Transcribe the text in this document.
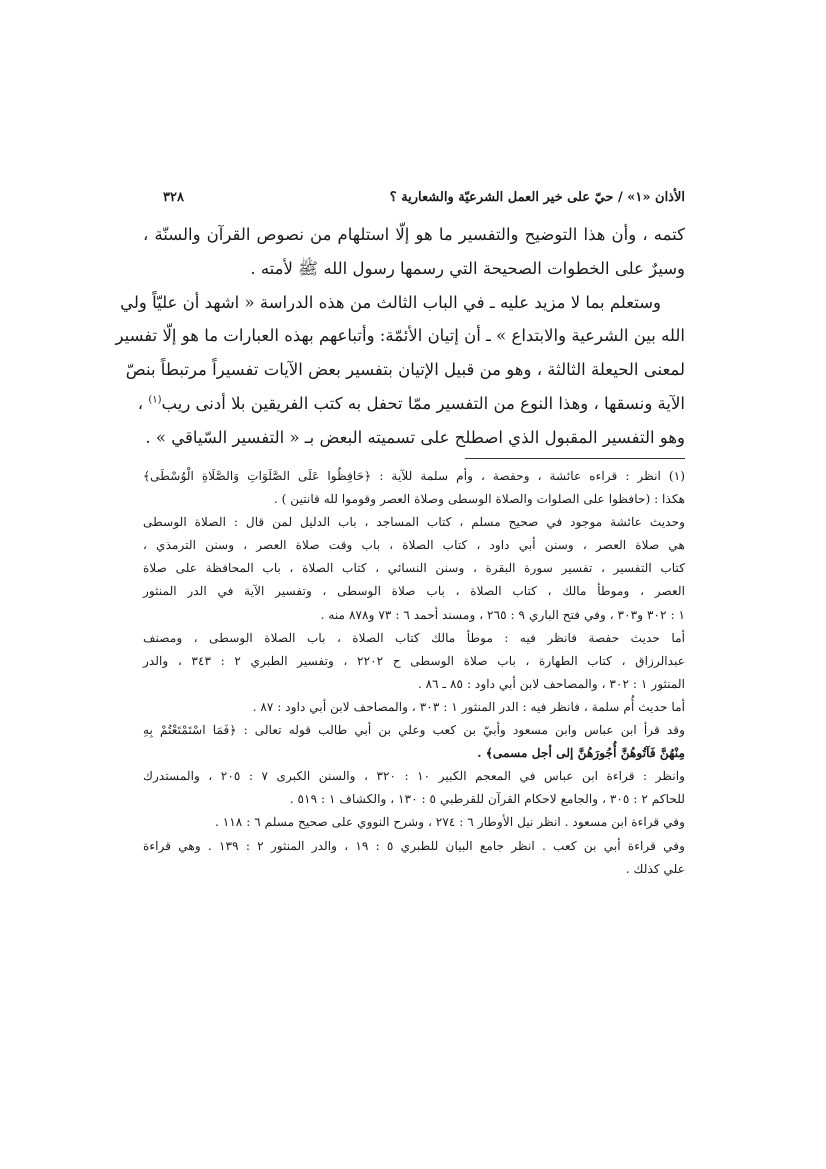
الأذان «١» / حيّ على خير العمل الشرعيّة والشعارية ؟
٣٢٨
كتمه ، وأن هذا التوضيح والتفسير ما هو إلّا استلهام من نصوص القرآن والسنّة ،
وسيرٌ على الخطوات الصحيحة التي رسمها رسول الله ﷺ لأمته .
وستعلم بما لا مزيد عليه ـ في الباب الثالث من هذه الدراسة « اشهد أن عليّاً ولي
الله بين الشرعية والابتداع » ـ أن إتيان الأئمّة: وأتباعهم بهذه العبارات ما هو إلّا تفسير
لمعنى الحيعلة الثالثة ، وهو من قبيل الإتيان بتفسير بعض الآيات تفسيراً مرتبطاً بنصّ
الآية ونسقها ، وهذا النوع من التفسير ممّا تحفل به كتب الفريقين بلا أدنى ريب$^{(١)}$ ،
وهو التفسير المقبول الذي اصطلح على تسميته البعض بـ « التفسير السّياقي » .
(١) انظر : قراءه عائشة ، وحفصة ، وأم سلمة للآية : ﴿حَافِظُوا عَلَى الصَّلَوَاتِ وَالصَّلَاةِ الْوُسْطَى﴾
هكذا : (حافظوا على الصلوات والصلاة الوسطى وصلاة العصر وقوموا لله قانتين ) .
وحديث عائشة موجود في صحيح مسلم ، كتاب المساجد ، باب الدليل لمن قال : الصلاة الوسطى
هي صلاة العصر ، وسنن أبي داود ، كتاب الصلاة ، باب وقت صلاة العصر ، وسنن الترمذي ،
كتاب التفسير ، تفسير سورة البقرة ، وسنن النسائي ، كتاب الصلاة ، باب المحافظة على صلاة
العصر ، وموطأ مالك ، كتاب الصلاة ، باب صلاة الوسطى ، وتفسير الآية في الدر المنثور
١ : ٣٠٢ و٣٠٣ ، وفي فتح الباري ٩ : ٢٦٥ ، ومسند أحمد ٦ : ٧٣ و٨٧٨ منه .
أما حديث حفصة فانظر فيه : موطأ مالك كتاب الصلاة ، باب الصلاة الوسطى ، ومصنف
عبدالرزاق ، كتاب الطهارة ، باب صلاة الوسطى ح ٢٢٠٢ ، وتفسير الطبري ٢ : ٣٤٣ ، والدر
المنثور ١ : ٣٠٢ ، والمصاحف لابن أبي داود : ٨٥ ـ ٨٦ .
أما حديث أُم سلمة ، فانظر فيه : الدر المنثور ١ : ٣٠٣ ، والمصاحف لابن أبي داود : ٨٧ .
وقد قرأ ابن عباس وابن مسعود وأبيّ بن كعب وعلي بن أبي طالب قوله تعالى : ﴿فَمَا اسْتَمْتَعْتُمْ بِهِ
مِنْهُنَّ فَآتُوهُنَّ أُجُورَهُنَّ إلى أجل مسمى﴾ .
وانظر : قراءة ابن عباس في المعجم الكبير ١٠ : ٣٢٠ ، والسنن الكبرى ٧ : ٢٠٥ ، والمستدرك
للحاكم ٢ : ٣٠٥ ، والجامع لاحكام القرآن للقرطبي ٥ : ١٣٠ ، والكشاف ١ : ٥١٩ .
وفي قراءة ابن مسعود . انظر نيل الأوطار ٦ : ٢٧٤ ، وشرح النووي على صحيح مسلم ٦ : ١١٨ .
وفي قراءة أبي بن كعب . انظر جامع البيان للطبري ٥ : ١٩ ، والدر المنثور ٢ : ١٣٩ . وهي قراءة
علي كذلك .
